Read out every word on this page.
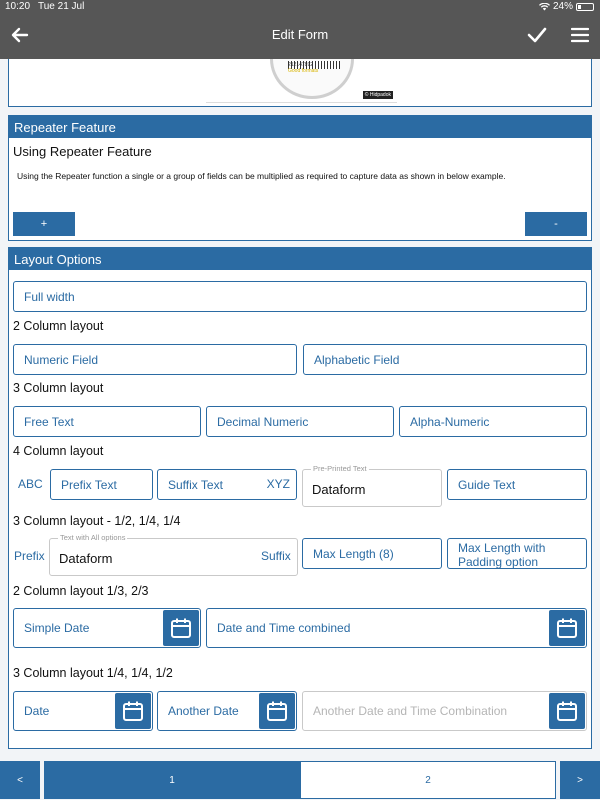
10:20 Tue 21 Jul	24%
Edit Form
212147892
Good formats
© Hidpadok
Repeater Feature
Using Repeater Feature
Using the Repeater function a single or a group of fields can be multiplied as required to capture data as shown in below example.
+	-
Layout Options
Full width
2 Column layout
Numeric Field	Alphabetic Field
3 Column layout
Free Text	Decimal Numeric	Alpha-Numeric
4 Column layout
ABC Prefix Text	Suffix Text	XYZ
Pre-Printed Text
Dataform	Guide Text
3 Column layout - 1/2, 1/4, 1/4
Prefix
Text with All options
Dataform	Suffix Max Length (8)	Max Length with Padding option
2 Column layout 1/3, 2/3
Simple Date	Date and Time combined
3 Column layout 1/4, 1/4, 1/2
Date	Another Date	Another Date and Time Combination
<	1	2	>
